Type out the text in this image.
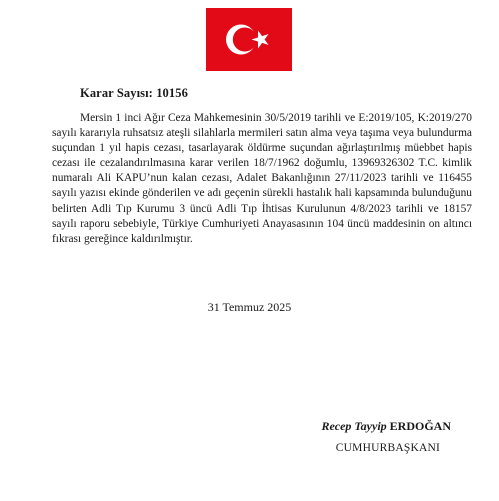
Karar Sayısı: 10156

Mersin 1 inci Ağır Ceza Mahkemesinin 30/5/2019 tarihli ve E:2019/105, K:2019/270 sayılı kararıyla ruhsatsız ateşli silahlarla mermileri satın alma veya taşıma veya bulundurma suçundan 1 yıl hapis cezası, tasarlayarak öldürme suçundan ağırlaştırılmış müebbet hapis cezası ile cezalandırılmasına karar verilen 18/7/1962 doğumlu, 13969326302 T.C. kimlik numaralı Ali KAPU’nun kalan cezası, Adalet Bakanlığının 27/11/2023 tarihli ve 116455 sayılı yazısı ekinde gönderilen ve adı geçenin sürekli hastalık hali kapsamında bulunduğunu belirten Adli Tıp Kurumu 3 üncü Adli Tıp İhtisas Kurulunun 4/8/2023 tarihli ve 18157 sayılı raporu sebebiyle, Türkiye Cumhuriyeti Anayasasının 104 üncü maddesinin on altıncı fıkrası gereğince kaldırılmıştır.

31 Temmuz 2025
Recep Tayyip ERDOĞAN
CUMHURBAŞKANI
